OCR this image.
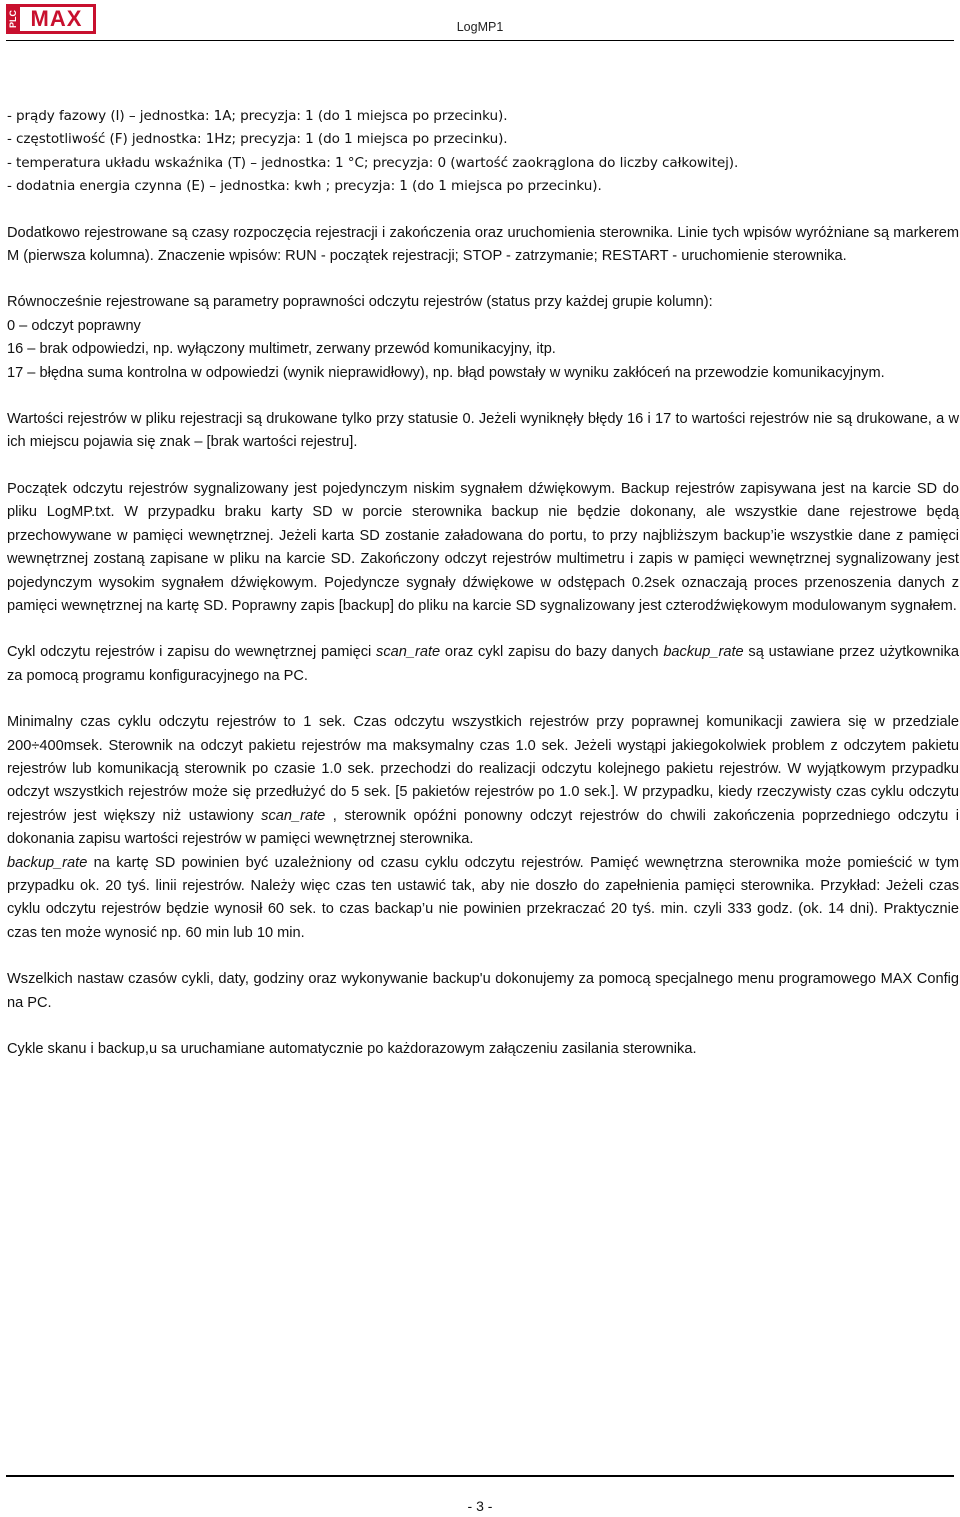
PLC MAX	LogMP1
- prądy fazowy (I) – jednostka: 1A; precyzja: 1 (do 1 miejsca po przecinku).
- częstotliwość (F) jednostka: 1Hz; precyzja: 1 (do 1 miejsca po przecinku).
- temperatura układu wskaźnika (T) – jednostka: 1 °C; precyzja: 0 (wartość zaokrąglona do liczby całkowitej).
- dodatnia energia czynna (E) – jednostka: kwh ; precyzja: 1 (do 1 miejsca po przecinku).

Dodatkowo rejestrowane są czasy rozpoczęcia rejestracji i zakończenia oraz uruchomienia sterownika. Linie tych wpisów wyróżniane są markerem M (pierwsza kolumna). Znaczenie wpisów: RUN - początek rejestracji; STOP - zatrzymanie; RESTART - uruchomienie sterownika.

Równocześnie rejestrowane są parametry poprawności odczytu rejestrów (status przy każdej grupie kolumn):

0 – odczyt poprawny

16 – brak odpowiedzi, np. wyłączony multimetr, zerwany przewód komunikacyjny, itp.

17 – błędna suma kontrolna w odpowiedzi (wynik nieprawidłowy), np. błąd powstały w wyniku zakłóceń na przewodzie komunikacyjnym.

Wartości rejestrów w pliku rejestracji są drukowane tylko przy statusie 0. Jeżeli wyniknęły błędy 16 i 17 to wartości rejestrów nie są drukowane, a w ich miejscu pojawia się znak – [brak wartości rejestru].

Początek odczytu rejestrów sygnalizowany jest pojedynczym niskim sygnałem dźwiękowym. Backup rejestrów zapisywana jest na karcie SD do pliku LogMP.txt. W przypadku braku karty SD w porcie sterownika backup nie będzie dokonany, ale wszystkie dane rejestrowe będą przechowywane w pamięci wewnętrznej. Jeżeli karta SD zostanie załadowana do portu, to przy najbliższym backup’ie wszystkie dane z pamięci wewnętrznej zostaną zapisane w pliku na karcie SD. Zakończony odczyt rejestrów multimetru i zapis w pamięci wewnętrznej sygnalizowany jest pojedynczym wysokim sygnałem dźwiękowym. Pojedyncze sygnały dźwiękowe w odstępach 0.2sek oznaczają proces przenoszenia danych z pamięci wewnętrznej na kartę SD. Poprawny zapis [backup] do pliku na karcie SD sygnalizowany jest czterodźwiękowym modulowanym sygnałem.

Cykl odczytu rejestrów i zapisu do wewnętrznej pamięci scan_rate oraz cykl zapisu do bazy danych backup_rate są ustawiane przez użytkownika za pomocą programu konfiguracyjnego na PC.

Minimalny czas cyklu odczytu rejestrów to 1 sek. Czas odczytu wszystkich rejestrów przy poprawnej komunikacji zawiera się w przedziale 200÷400msek. Sterownik na odczyt pakietu rejestrów ma maksymalny czas 1.0 sek. Jeżeli wystąpi jakiegokolwiek problem z odczytem pakietu rejestrów lub komunikacją sterownik po czasie 1.0 sek. przechodzi do realizacji odczytu kolejnego pakietu rejestrów. W wyjątkowym przypadku odczyt wszystkich rejestrów może się przedłużyć do 5 sek. [5 pakietów rejestrów po 1.0 sek.]. W przypadku, kiedy rzeczywisty czas cyklu odczytu rejestrów jest większy niż ustawiony scan_rate , sterownik opóźni ponowny odczyt rejestrów do chwili zakończenia poprzedniego odczytu i dokonania zapisu wartości rejestrów w pamięci wewnętrznej sterownika.

backup_rate na kartę SD powinien być uzależniony od czasu cyklu odczytu rejestrów. Pamięć wewnętrzna sterownika może pomieścić w tym przypadku ok. 20 tyś. linii rejestrów. Należy więc czas ten ustawić tak, aby nie doszło do zapełnienia pamięci sterownika. Przykład: Jeżeli czas cyklu odczytu rejestrów będzie wynosił 60 sek. to czas backap’u nie powinien przekraczać 20 tyś. min. czyli 333 godz. (ok. 14 dni). Praktycznie czas ten może wynosić np. 60 min lub 10 min.

Wszelkich nastaw czasów cykli, daty, godziny oraz wykonywanie backup'u dokonujemy za pomocą specjalnego menu programowego MAX Config na PC.

Cykle skanu i backup,u sa uruchamiane automatycznie po każdorazowym załączeniu zasilania sterownika.

- 3 -
